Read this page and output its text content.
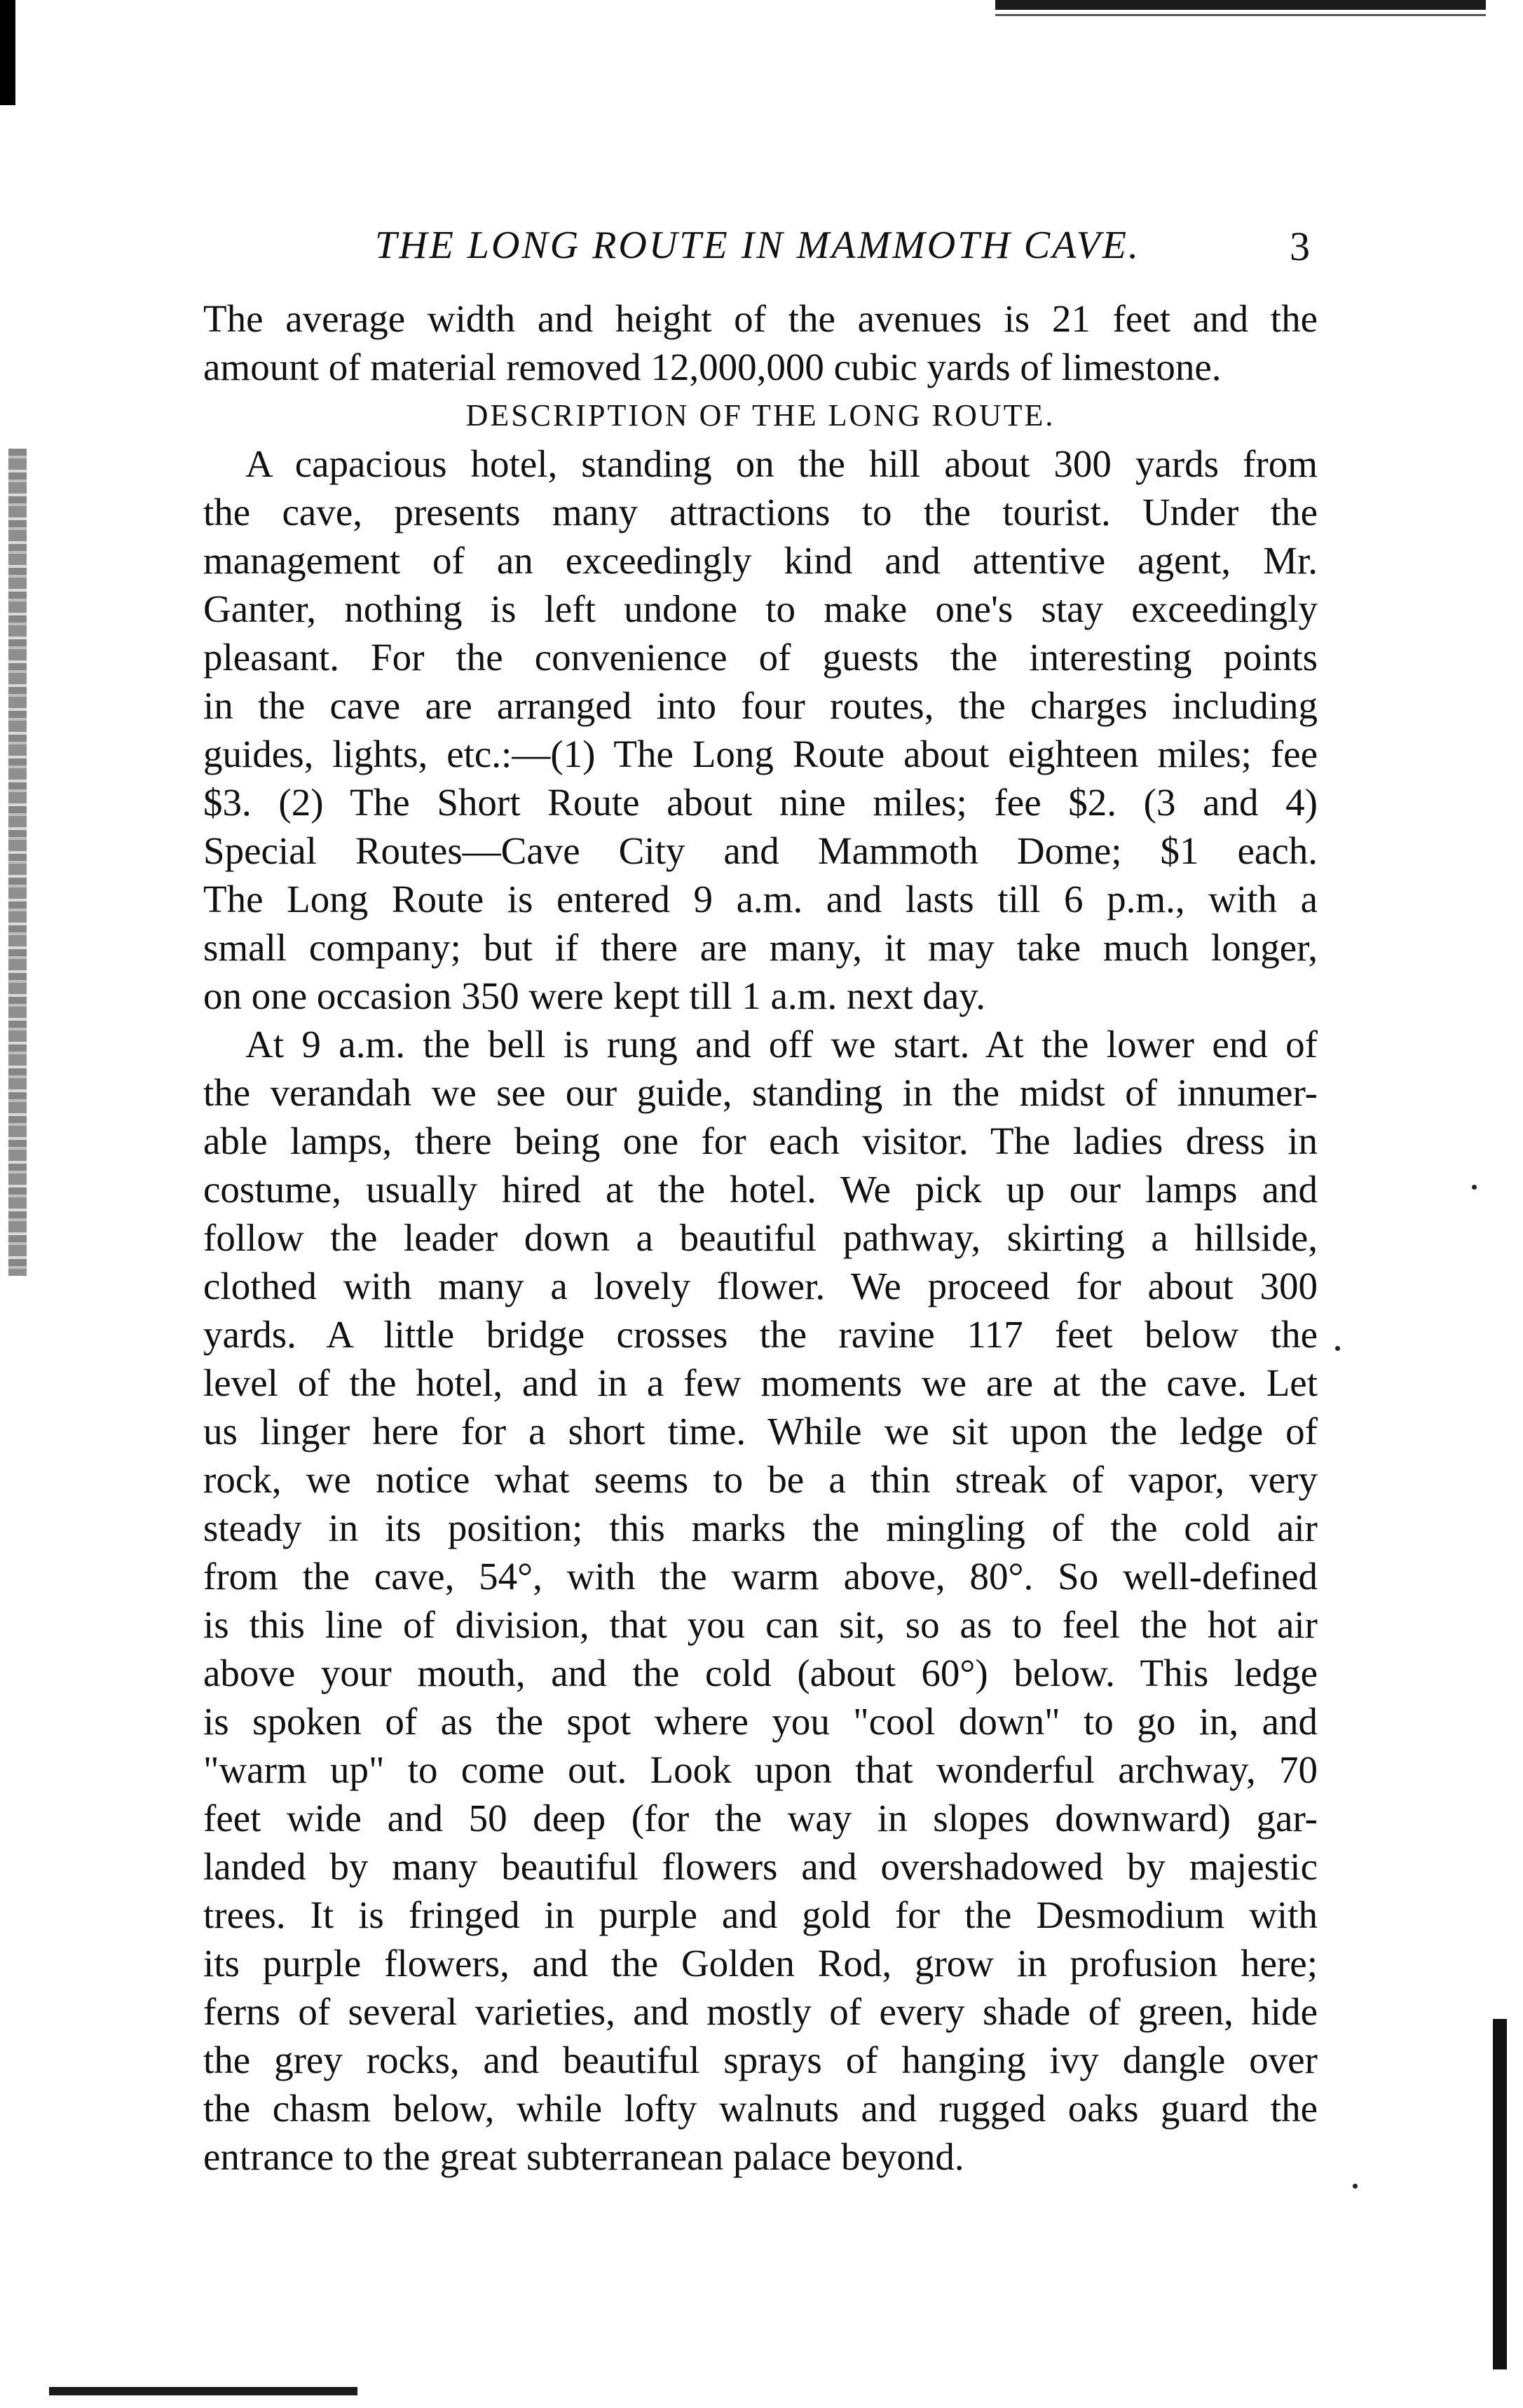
THE LONG ROUTE IN MAMMOTH CAVE.	3
The average width and height of the avenues is 21 feet and the
amount of material removed 12,000,000 cubic yards of limestone.
DESCRIPTION OF THE LONG ROUTE.
A capacious hotel, standing on the hill about 300 yards from
the cave, presents many attractions to the tourist. Under the
management of an exceedingly kind and attentive agent, Mr.
Ganter, nothing is left undone to make one's stay exceedingly
pleasant. For the convenience of guests the interesting points
in the cave are arranged into four routes, the charges including
guides, lights, etc.:—(1) The Long Route about eighteen miles; fee
$3. (2) The Short Route about nine miles; fee $2. (3 and 4)
Special Routes—Cave City and Mammoth Dome; $1 each.
The Long Route is entered 9 a.m. and lasts till 6 p.m., with a
small company; but if there are many, it may take much longer,
on one occasion 350 were kept till 1 a.m. next day.
At 9 a.m. the bell is rung and off we start. At the lower end of
the verandah we see our guide, standing in the midst of innumer-
able lamps, there being one for each visitor. The ladies dress in
costume, usually hired at the hotel. We pick up our lamps and
follow the leader down a beautiful pathway, skirting a hillside,
clothed with many a lovely flower. We proceed for about 300
yards. A little bridge crosses the ravine 117 feet below the
level of the hotel, and in a few moments we are at the cave. Let
us linger here for a short time. While we sit upon the ledge of
rock, we notice what seems to be a thin streak of vapor, very
steady in its position; this marks the mingling of the cold air
from the cave, 54°, with the warm above, 80°. So well-defined
is this line of division, that you can sit, so as to feel the hot air
above your mouth, and the cold (about 60°) below. This ledge
is spoken of as the spot where you "cool down" to go in, and
"warm up" to come out. Look upon that wonderful archway, 70
feet wide and 50 deep (for the way in slopes downward) gar-
landed by many beautiful flowers and overshadowed by majestic
trees. It is fringed in purple and gold for the Desmodium with
its purple flowers, and the Golden Rod, grow in profusion here;
ferns of several varieties, and mostly of every shade of green, hide
the grey rocks, and beautiful sprays of hanging ivy dangle over
the chasm below, while lofty walnuts and rugged oaks guard the
entrance to the great subterranean palace beyond.
